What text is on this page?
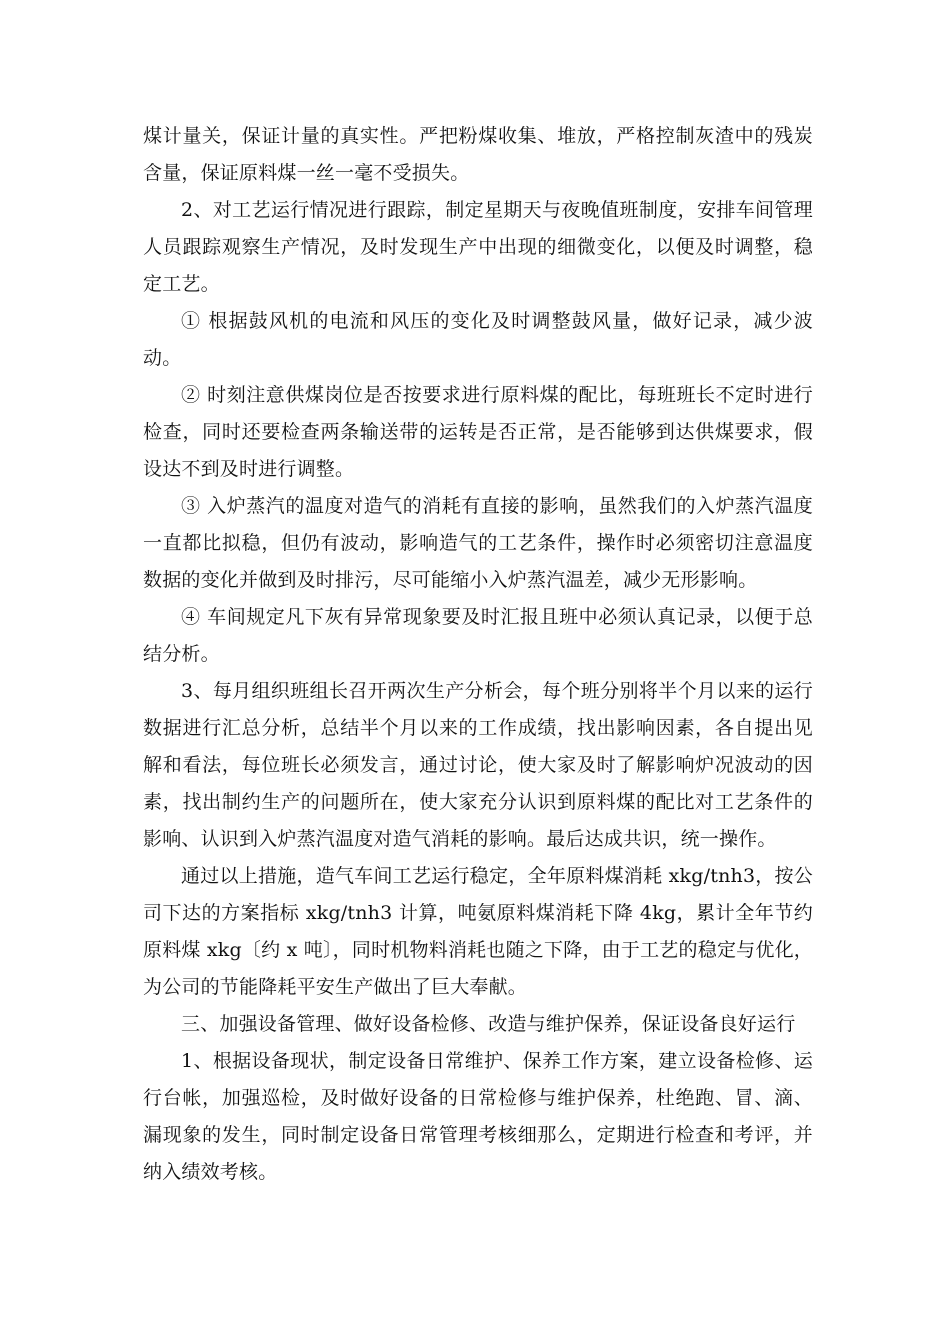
煤计量关，保证计量的真实性。严把粉煤收集、堆放，严格控制灰渣中的残炭含量，保证原料煤一丝一毫不受损失。

2、对工艺运行情况进行跟踪，制定星期天与夜晚值班制度，安排车间管理人员跟踪观察生产情况，及时发现生产中出现的细微变化，以便及时调整，稳定工艺。

① 根据鼓风机的电流和风压的变化及时调整鼓风量，做好记录，减少波动。

② 时刻注意供煤岗位是否按要求进行原料煤的配比，每班班长不定时进行检查，同时还要检查两条输送带的运转是否正常，是否能够到达供煤要求，假设达不到及时进行调整。

③ 入炉蒸汽的温度对造气的消耗有直接的影响，虽然我们的入炉蒸汽温度一直都比拟稳，但仍有波动，影响造气的工艺条件，操作时必须密切注意温度数据的变化并做到及时排污，尽可能缩小入炉蒸汽温差，减少无形影响。

④ 车间规定凡下灰有异常现象要及时汇报且班中必须认真记录，以便于总结分析。

3、每月组织班组长召开两次生产分析会，每个班分别将半个月以来的运行数据进行汇总分析，总结半个月以来的工作成绩，找出影响因素，各自提出见解和看法，每位班长必须发言，通过讨论，使大家及时了解影响炉况波动的因素，找出制约生产的问题所在，使大家充分认识到原料煤的配比对工艺条件的影响、认识到入炉蒸汽温度对造气消耗的影响。最后达成共识，统一操作。

通过以上措施，造气车间工艺运行稳定，全年原料煤消耗 xkg/tnh3，按公司下达的方案指标 xkg/tnh3 计算，吨氨原料煤消耗下降 4kg，累计全年节约原料煤 xkg〔约 x 吨〕，同时机物料消耗也随之下降，由于工艺的稳定与优化，为公司的节能降耗平安生产做出了巨大奉献。

三、加强设备管理、做好设备检修、改造与维护保养，保证设备良好运行

1、根据设备现状，制定设备日常维护、保养工作方案，建立设备检修、运行台帐，加强巡检，及时做好设备的日常检修与维护保养，杜绝跑、冒、滴、漏现象的发生，同时制定设备日常管理考核细那么，定期进行检查和考评，并纳入绩效考核。
